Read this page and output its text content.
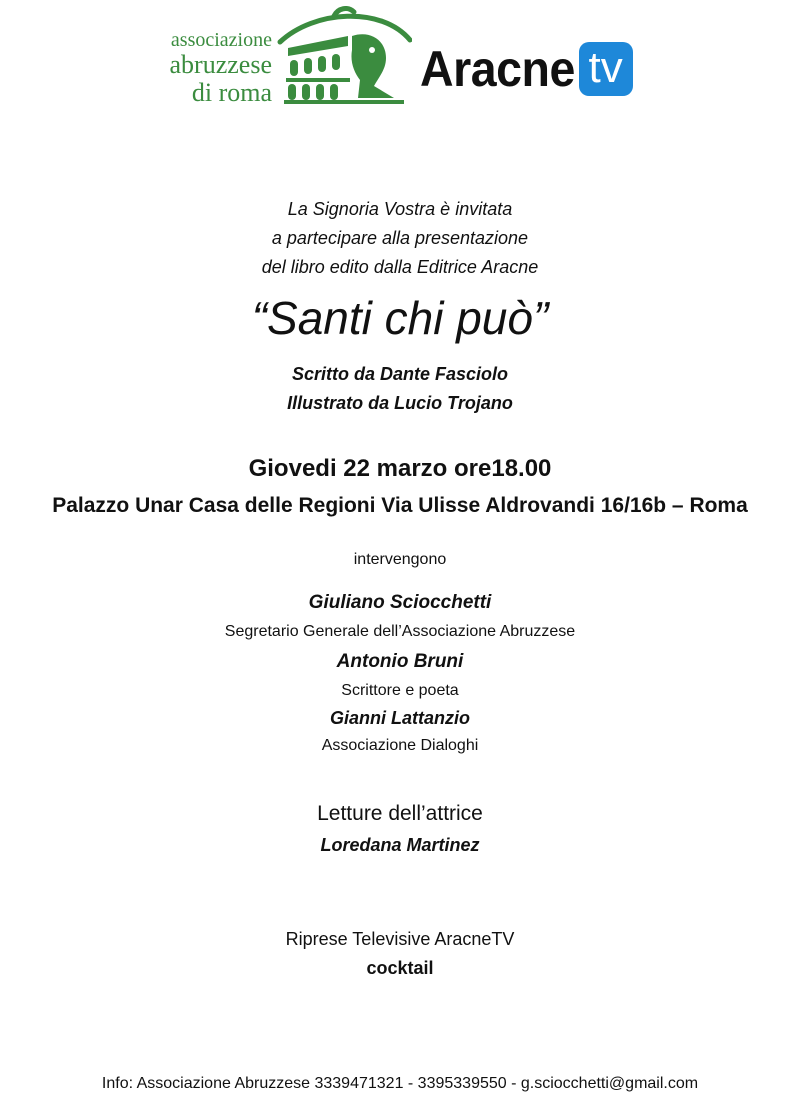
associazione
abruzzese
di roma	Aracne tv
La Signoria Vostra è invitata
a partecipare alla presentazione
del libro edito dalla Editrice Aracne
“Santi chi può”
Scritto da Dante Fasciolo
Illustrato da Lucio Trojano
Giovedi 22 marzo ore18.00
Palazzo Unar Casa delle Regioni Via Ulisse Aldrovandi 16/16b – Roma
intervengono
Giuliano Sciocchetti
Segretario Generale dell’Associazione Abruzzese
Antonio Bruni
Scrittore e poeta
Gianni Lattanzio
Associazione Dialoghi
Letture dell’attrice
Loredana Martinez
Riprese Televisive AracneTV
cocktail
Info: Associazione Abruzzese 3339471321 - 3395339550 - g.sciocchetti@gmail.com
